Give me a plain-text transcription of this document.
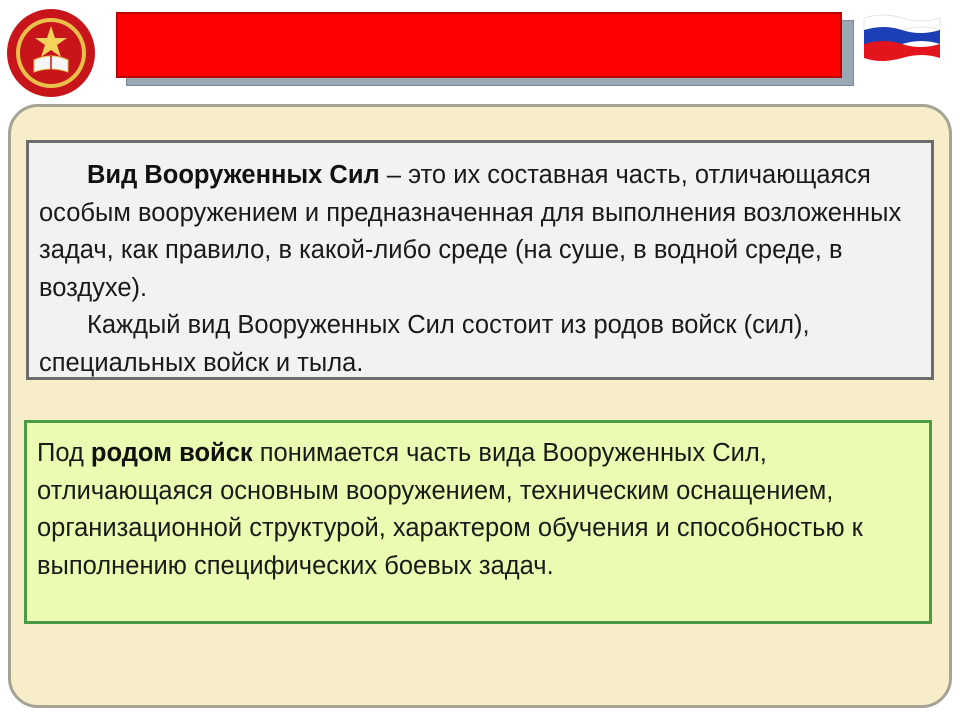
Вид Вооруженных Сил – это их составная часть, отличающаяся особым вооружением и предназначенная для выполнения возложенных задач, как правило, в какой-либо среде (на суше, в водной среде, в воздухе).

Каждый вид Вооруженных Сил состоит из родов войск (сил), специальных войск и тыла.

Под родом войск понимается часть вида Вооруженных Сил, отличающаяся основным вооружением, техническим оснащением, организационной структурой, характером обучения и способностью к выполнению специфических боевых задач.
